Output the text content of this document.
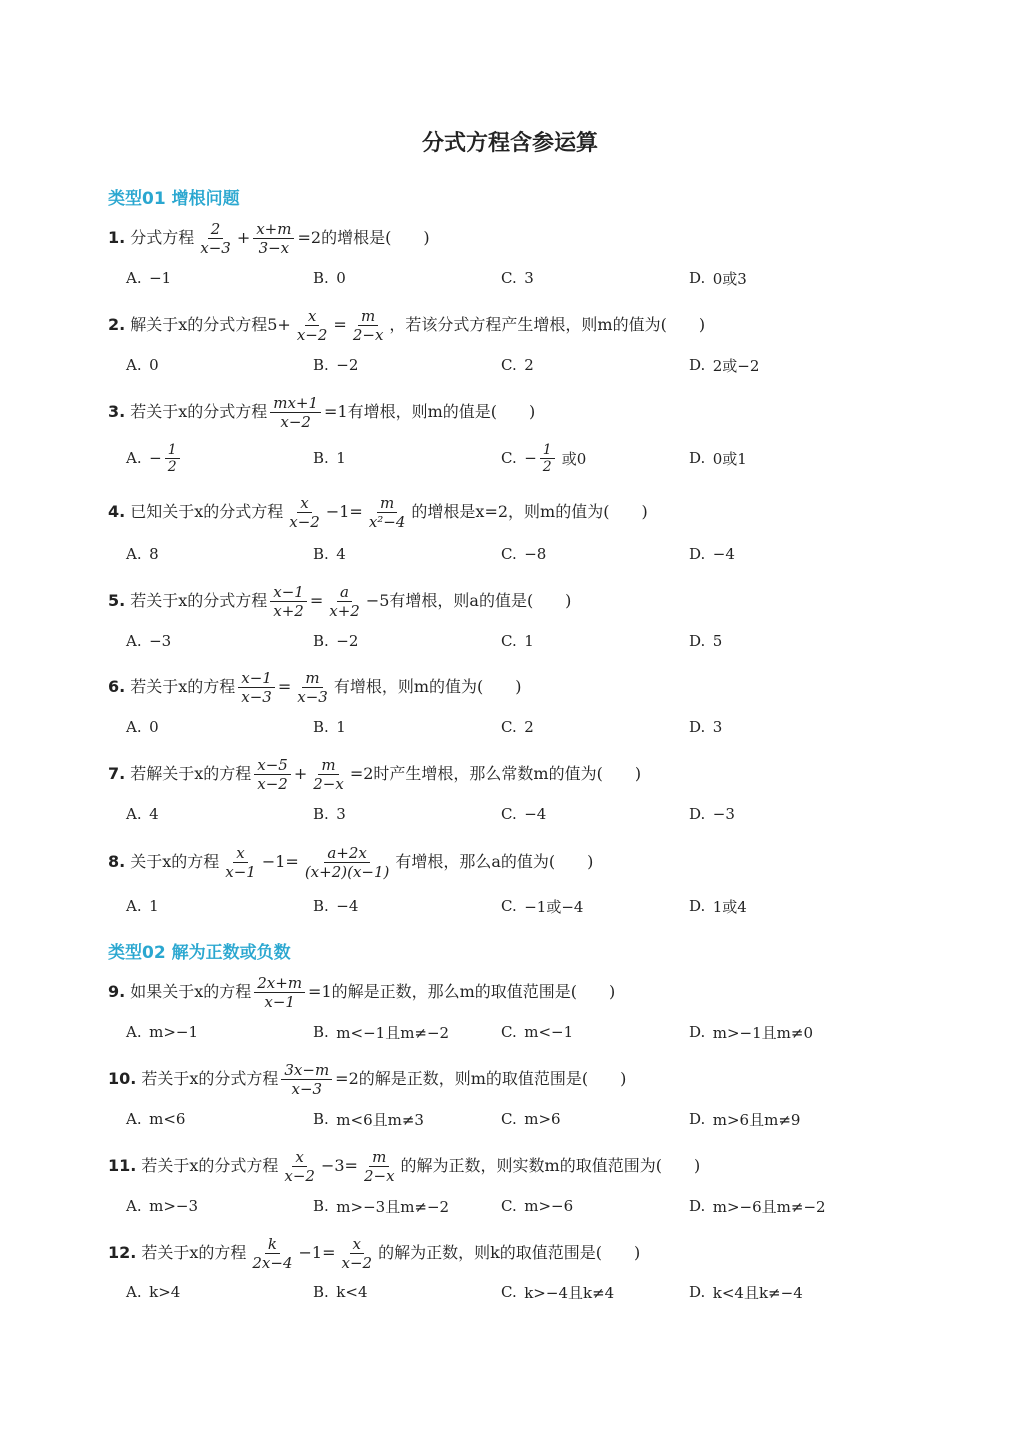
分式方程含参运算
类型01 增根问题
类型02 解为正数或负数
1. 分式方程 $\frac{2}{x-3} + \frac{x+m}{3-x} =2$的增根是(　　)
A.  −1	B.  0	C.  3	D.  0或3
2. 解关于x的分式方程$5+ \frac{x}{x-2} = \frac{m}{2-x}$ ，若该分式方程产生增根，则m的值为(　　)
A.  0	B.  −2	C.  2	D.  2或−2
3. 若关于x的分式方程 $\frac{mx+1}{x-2} =1$有增根，则m的值是(　　)
A.  − $\frac{1}{2}$	B.  1	C.  − $\frac{1}{2}$ 或0	D.  0或1
4. 已知关于x的分式方程 $\frac{x}{x-2} -1= \frac{m}{\text{x²−4}}$ 的增根是x=2，则m的值为(　　)
A.  8	B.  4	C.  −8	D.  −4
5. 若关于x的分式方程 $\frac{x-1}{x+2} = \frac{a}{x+2} -5$有增根，则a的值是(　　)
A.  −3	B.  −2	C.  1	D.  5
6. 若关于x的方程 $\frac{x-1}{x-3} = \frac{m}{x-3}$ 有增根，则m的值为(　　)
A.  0	B.  1	C.  2	D.  3
7. 若解关于x的方程 $\frac{x-5}{x-2} + \frac{m}{2-x} =2$时产生增根，那么常数m的值为(　　)
A.  4	B.  3	C.  −4	D.  −3
8. 关于x的方程 $\frac{x}{x-1} -1= \frac{a+2x}{(x+2)(x-1)}$ 有增根，那么a的值为(　　)
A.  1	B.  −4	C.  −1或−4	D.  1或4
9. 如果关于x的方程 $\frac{2x+m}{x-1} =1$的解是正数，那么m的取值范围是(　　)
A.  m>−1	B.  m<−1且m≠−2	C.  m<−1	D.  m>−1且m≠0
10. 若关于x的分式方程 $\frac{3x-m}{x-3} =2$的解是正数，则m的取值范围是(　　)
A.  m<6	B.  m<6且m≠3	C.  m>6	D.  m>6且m≠9
11. 若关于x的分式方程 $\frac{x}{x-2} -3= \frac{m}{2-x}$ 的解为正数，则实数m的取值范围为(　　)
A.  m>−3	B.  m>−3且m≠−2	C.  m>−6	D.  m>−6且m≠−2
12. 若关于x的方程 $\frac{k}{2x-4} -1= \frac{x}{x-2}$ 的解为正数，则k的取值范围是(　　)
A.  k>4	B.  k<4	C.  k>−4且k≠4	D.  k<4且k≠−4
